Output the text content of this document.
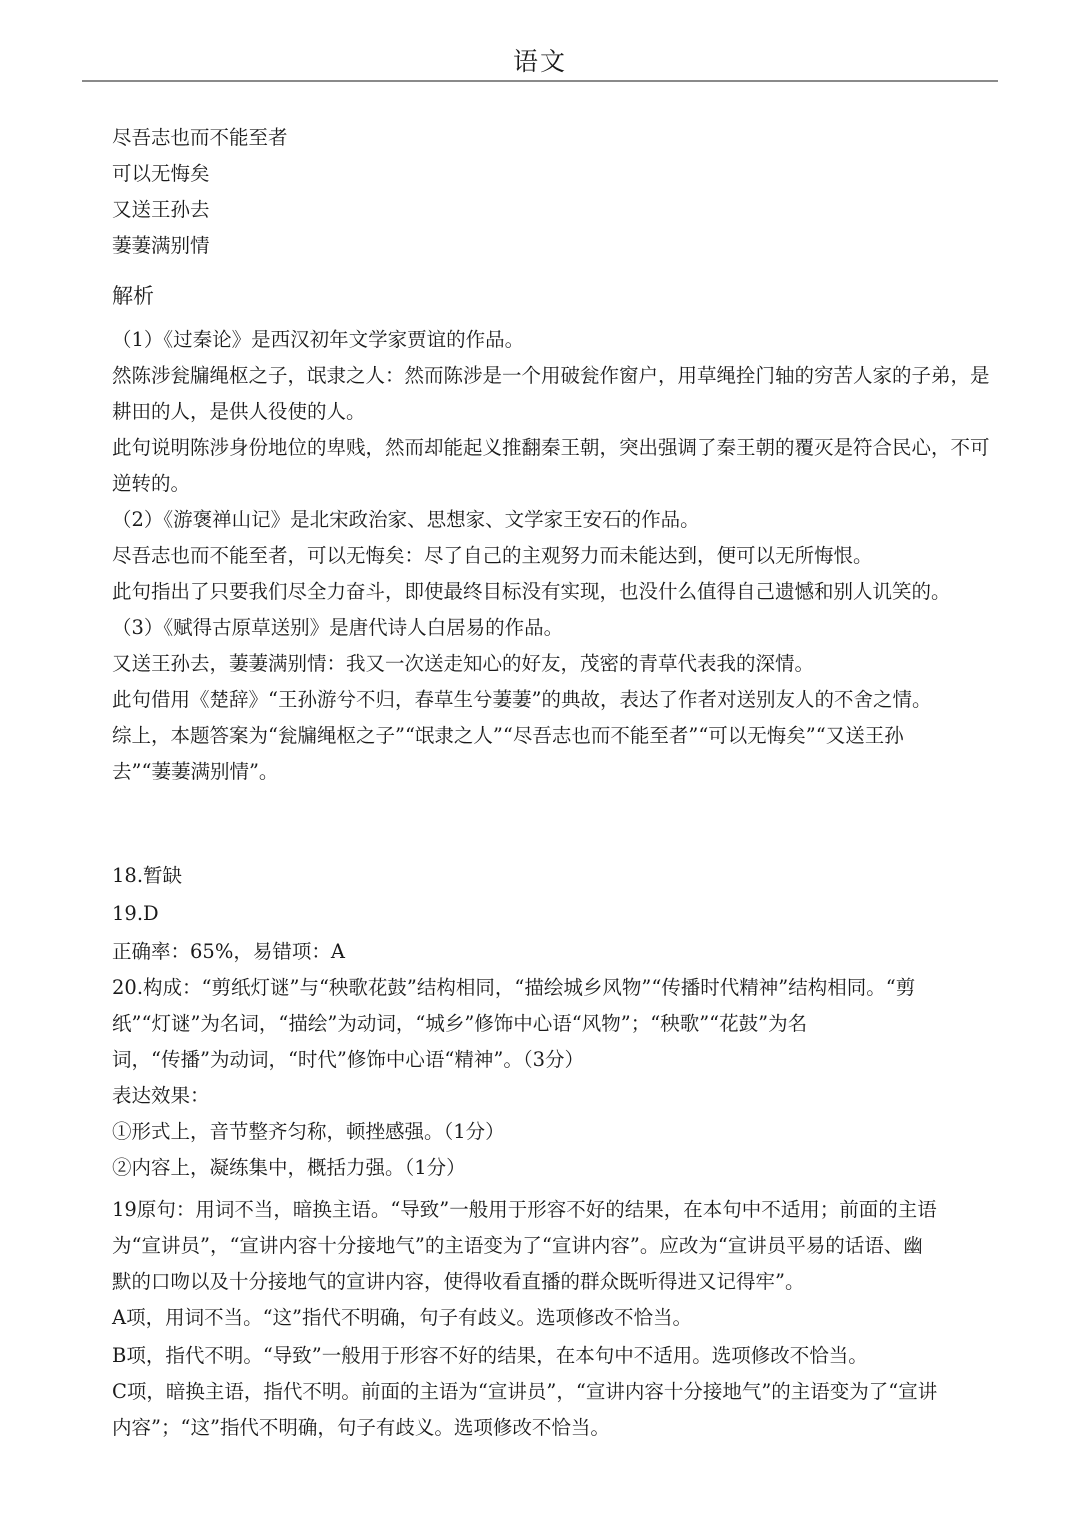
语文
尽吾志也而不能至者
可以无悔矣
又送王孙去
萋萋满别情
解析
（1）《过秦论》是西汉初年文学家贾谊的作品。
然陈涉瓮牖绳枢之子，氓隶之人：然而陈涉是一个用破瓮作窗户，用草绳拴门轴的穷苦人家的子弟，是
耕田的人，是供人役使的人。
此句说明陈涉身份地位的卑贱，然而却能起义推翻秦王朝，突出强调了秦王朝的覆灭是符合民心，不可
逆转的。
（2）《游褒禅山记》是北宋政治家、思想家、文学家王安石的作品。
尽吾志也而不能至者，可以无悔矣：尽了自己的主观努力而未能达到，便可以无所悔恨。
此句指出了只要我们尽全力奋斗，即使最终目标没有实现，也没什么值得自己遗憾和别人讥笑的。
（3）《赋得古原草送别》是唐代诗人白居易的作品。
又送王孙去，萋萋满别情：我又一次送走知心的好友，茂密的青草代表我的深情。
此句借用《楚辞》“王孙游兮不归，春草生兮萋萋”的典故，表达了作者对送别友人的不舍之情。
综上，本题答案为“瓮牖绳枢之子”“氓隶之人”“尽吾志也而不能至者”“可以无悔矣”“又送王孙
去”“萋萋满别情”。
18.暂缺
19.D
正确率：65%，易错项：A
20.构成：“剪纸灯谜”与“秧歌花鼓”结构相同，“描绘城乡风物”“传播时代精神”结构相同。“剪
纸”“灯谜”为名词，“描绘”为动词，“城乡”修饰中心语“风物”；“秧歌”“花鼓”为名
词，“传播”为动词，“时代”修饰中心语“精神”。（3分）
表达效果：
①形式上，音节整齐匀称，顿挫感强。（1分）
②内容上，凝练集中，概括力强。（1分）
19原句：用词不当，暗换主语。“导致”一般用于形容不好的结果，在本句中不适用；前面的主语
为“宣讲员”，“宣讲内容十分接地气”的主语变为了“宣讲内容”。应改为“宣讲员平易的话语、幽
默的口吻以及十分接地气的宣讲内容，使得收看直播的群众既听得进又记得牢”。
A项，用词不当。“这”指代不明确，句子有歧义。选项修改不恰当。
B项，指代不明。“导致”一般用于形容不好的结果，在本句中不适用。选项修改不恰当。
C项，暗换主语，指代不明。前面的主语为“宣讲员”，“宣讲内容十分接地气”的主语变为了“宣讲
内容”；“这”指代不明确，句子有歧义。选项修改不恰当。
